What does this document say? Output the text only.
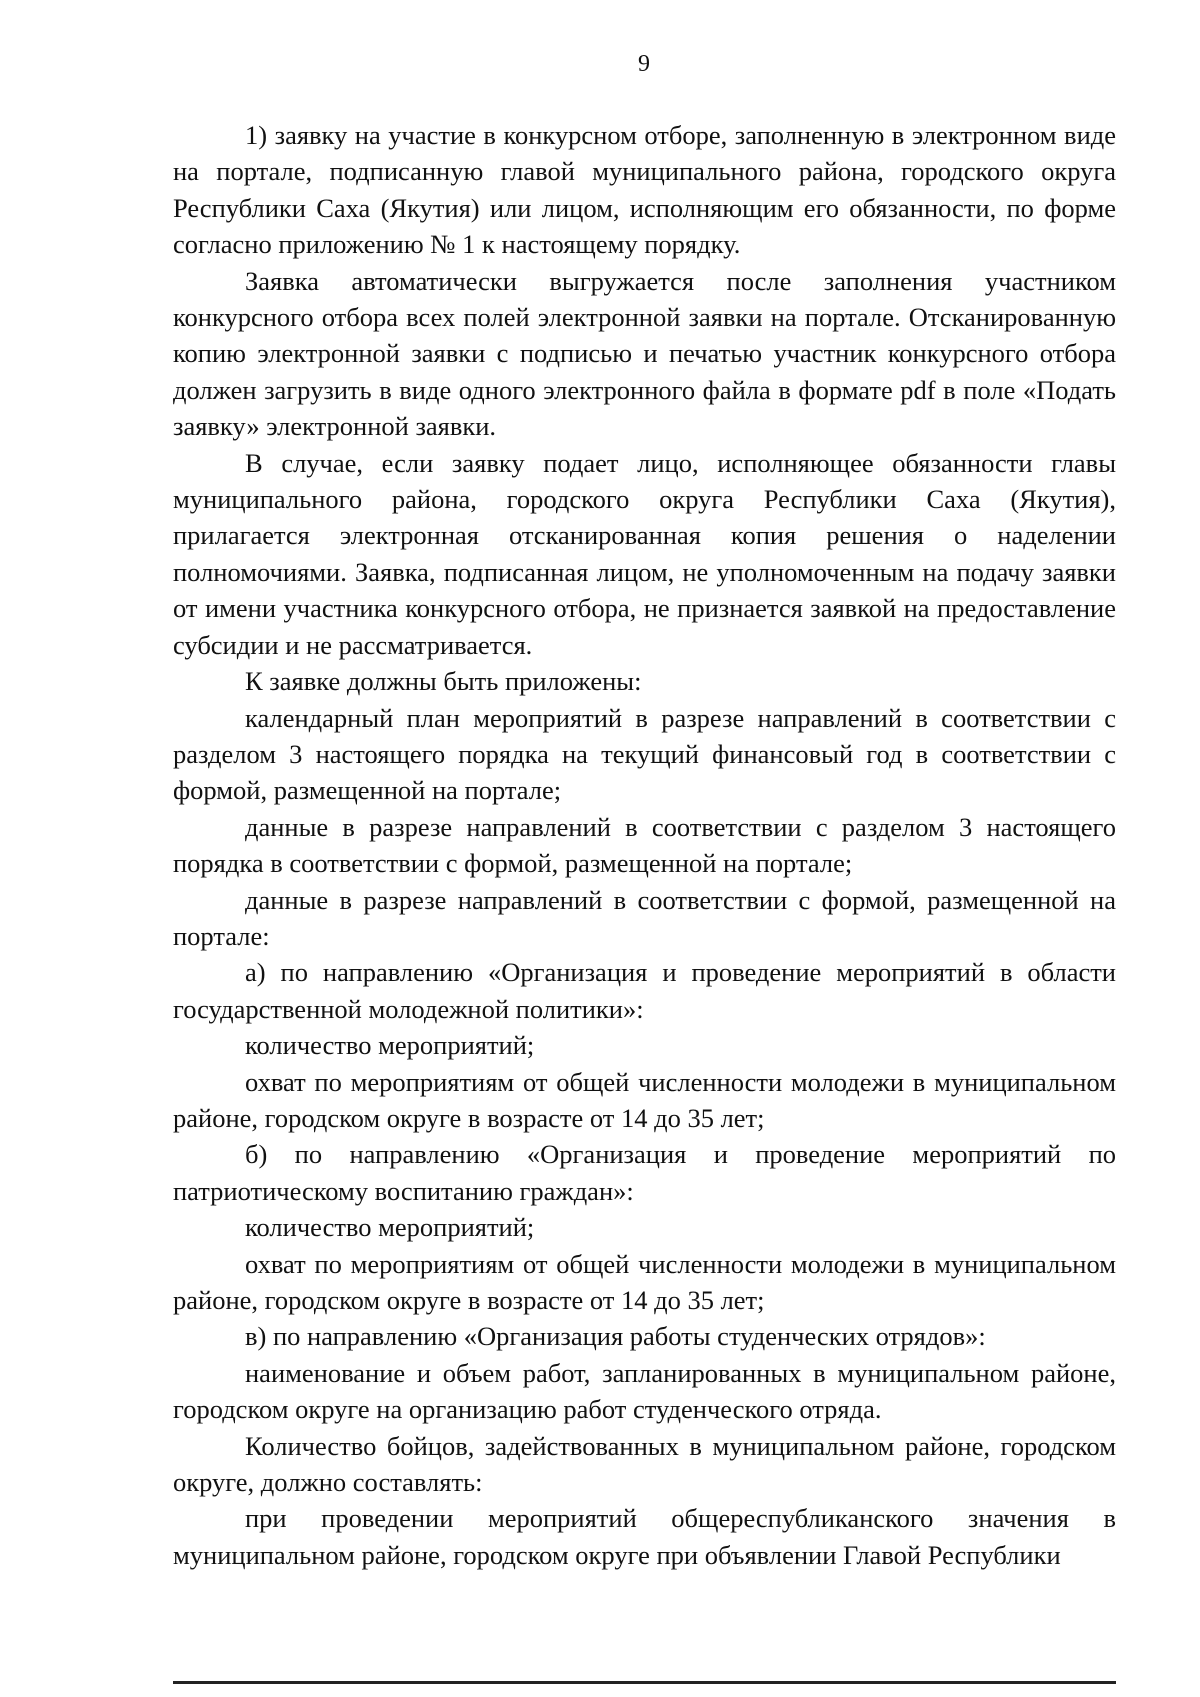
9

1) заявку на участие в конкурсном отборе, заполненную в электронном виде на портале, подписанную главой муниципального района, городского округа Республики Саха (Якутия) или лицом, исполняющим его обязанности, по форме согласно приложению № 1 к настоящему порядку.

Заявка автоматически выгружается после заполнения участником конкурсного отбора всех полей электронной заявки на портале. Отсканированную копию электронной заявки с подписью и печатью участник конкурсного отбора должен загрузить в виде одного электронного файла в формате pdf в поле «Подать заявку» электронной заявки.

В случае, если заявку подает лицо, исполняющее обязанности главы муниципального района, городского округа Республики Саха (Якутия), прилагается электронная отсканированная копия решения о наделении полномочиями. Заявка, подписанная лицом, не уполномоченным на подачу заявки от имени участника конкурсного отбора, не признается заявкой на предоставление субсидии и не рассматривается.

К заявке должны быть приложены:

календарный план мероприятий в разрезе направлений в соответствии с разделом 3 настоящего порядка на текущий финансовый год в соответствии с формой, размещенной на портале;

данные в разрезе направлений в соответствии с разделом 3 настоящего порядка в соответствии с формой, размещенной на портале;

данные в разрезе направлений в соответствии с формой, размещенной на портале:

а) по направлению «Организация и проведение мероприятий в области государственной молодежной политики»:

количество мероприятий;

охват по мероприятиям от общей численности молодежи в муниципальном районе, городском округе в возрасте от 14 до 35 лет;

б) по направлению «Организация и проведение мероприятий по патриотическому воспитанию граждан»:

количество мероприятий;

охват по мероприятиям от общей численности молодежи в муниципальном районе, городском округе в возрасте от 14 до 35 лет;

в) по направлению «Организация работы студенческих отрядов»:

наименование и объем работ, запланированных в муниципальном районе, городском округе на организацию работ студенческого отряда.

Количество бойцов, задействованных в муниципальном районе, городском округе, должно составлять:

при проведении мероприятий общереспубликанского значения в муниципальном районе, городском округе при объявлении Главой Республики
